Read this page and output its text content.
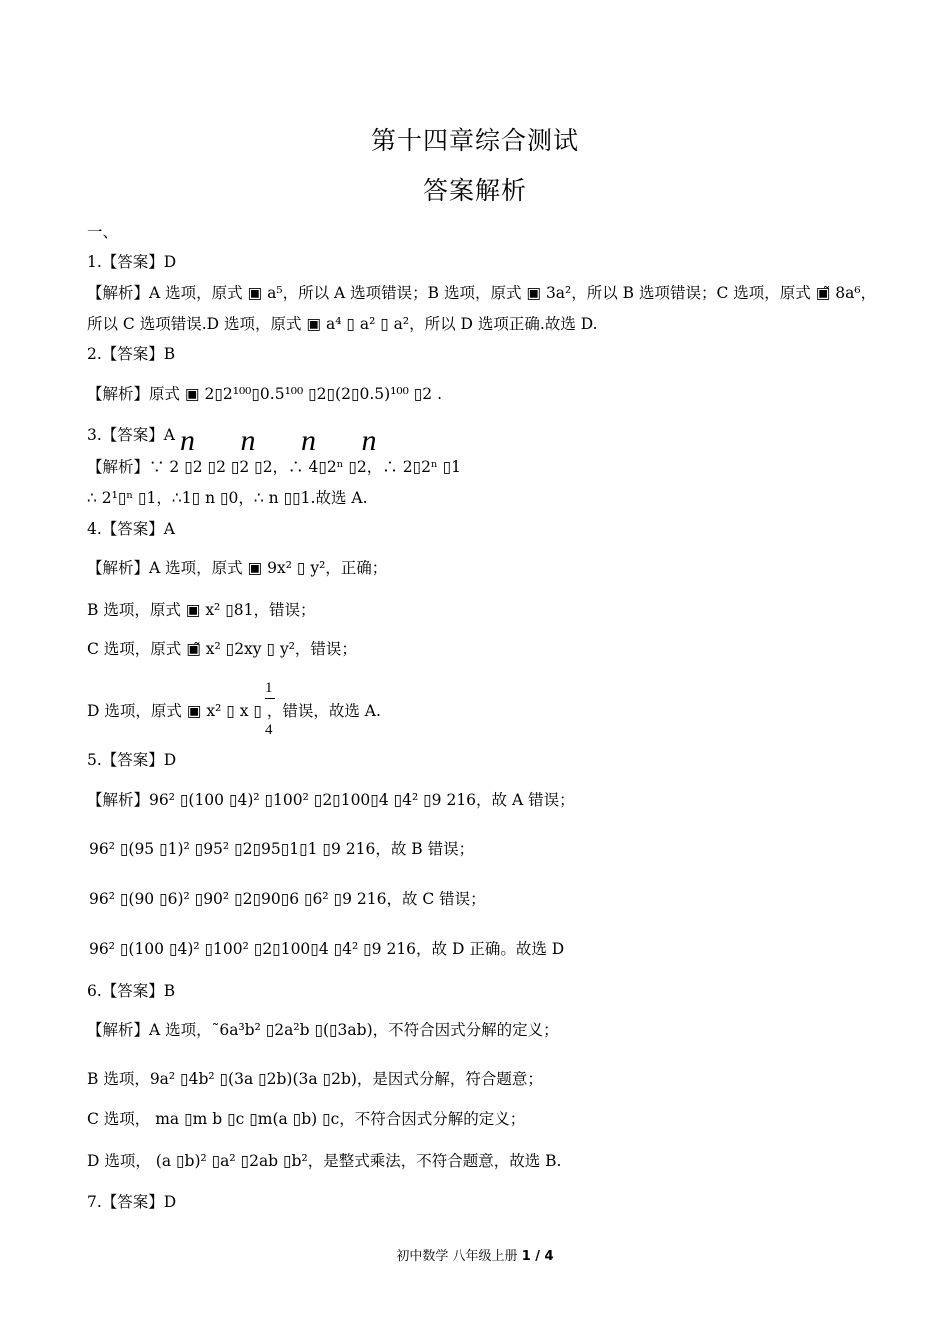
第十四章综合测试
答案解析
一、
1.【答案】D
【解析】A 选项，原式 ▣ a⁵，所以 A 选项错误；B 选项，原式 ▣ 3a²，所以 B 选项错误；C 选项，原式 ▣̃ 8a⁶，
所以 C 选项错误.D 选项，原式 ▣ a⁴ ▯ a² ▯ a²，所以 D 选项正确.故选 D.
2.【答案】B
【解析】原式 ▣ 2▯2¹⁰⁰▯0.5¹⁰⁰ ▯2▯(2▯0.5)¹⁰⁰ ▯2 .
3.【答案】A n n n n
【解析】∵ 2 ▯2 ▯2 ▯2 ▯2，∴ 4▯2ⁿ ▯2，∴ 2▯2ⁿ ▯1
∴ 2¹▯ⁿ ▯1，∴1▯ n ▯0，∴ n ▯▯1.故选 A.
4.【答案】A
【解析】A 选项，原式 ▣ 9x² ▯ y²，正确；
B 选项，原式 ▣ x² ▯81，错误；
C 选项，原式 ▣̃ x² ▯2xy ▯ y²，错误；
1
4
D 选项，原式 ▣ x² ▯ x ▯ ，错误，故选 A.
5.【答案】D
【解析】96² ▯(100 ▯4)² ▯100² ▯2▯100▯4 ▯4² ▯9 216，故 A 错误；
96² ▯(95 ▯1)² ▯95² ▯2▯95▯1▯1 ▯9 216，故 B 错误；
96² ▯(90 ▯6)² ▯90² ▯2▯90▯6 ▯6² ▯9 216，故 C 错误；
96² ▯(100 ▯4)² ▯100² ▯2▯100▯4 ▯4² ▯9 216，故 D 正确。故选 D
6.【答案】B
【解析】A 选项，˜6a³b² ▯2a²b ▯(▯3ab)，不符合因式分解的定义；
B 选项，9a² ▯4b² ▯(3a ▯2b)(3a ▯2b)，是因式分解，符合题意；
C 选项， ma ▯m b ▯c ▯m(a ▯b) ▯c，不符合因式分解的定义；
D 选项， (a ▯b)² ▯a² ▯2ab ▯b²，是整式乘法，不符合题意，故选 B.
7.【答案】D
初中数学 八年级上册 1 / 4
